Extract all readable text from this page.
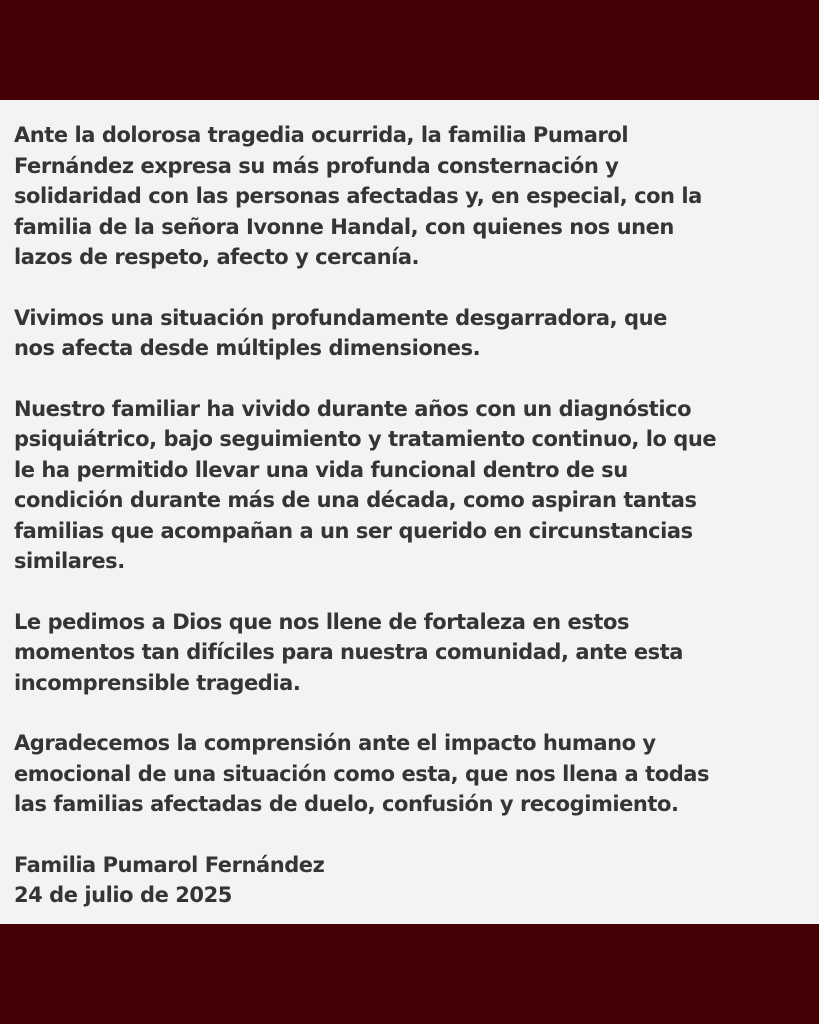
Ante la dolorosa tragedia ocurrida, la familia Pumarol
Fernández expresa su más profunda consternación y
solidaridad con las personas afectadas y, en especial, con la
familia de la señora Ivonne Handal, con quienes nos unen
lazos de respeto, afecto y cercanía.

Vivimos una situación profundamente desgarradora, que
nos afecta desde múltiples dimensiones.

Nuestro familiar ha vivido durante años con un diagnóstico
psiquiátrico, bajo seguimiento y tratamiento continuo, lo que
le ha permitido llevar una vida funcional dentro de su
condición durante más de una década, como aspiran tantas
familias que acompañan a un ser querido en circunstancias
similares.

Le pedimos a Dios que nos llene de fortaleza en estos
momentos tan difíciles para nuestra comunidad, ante esta
incomprensible tragedia.

Agradecemos la comprensión ante el impacto humano y
emocional de una situación como esta, que nos llena a todas
las familias afectadas de duelo, confusión y recogimiento.

Familia Pumarol Fernández
24 de julio de 2025
